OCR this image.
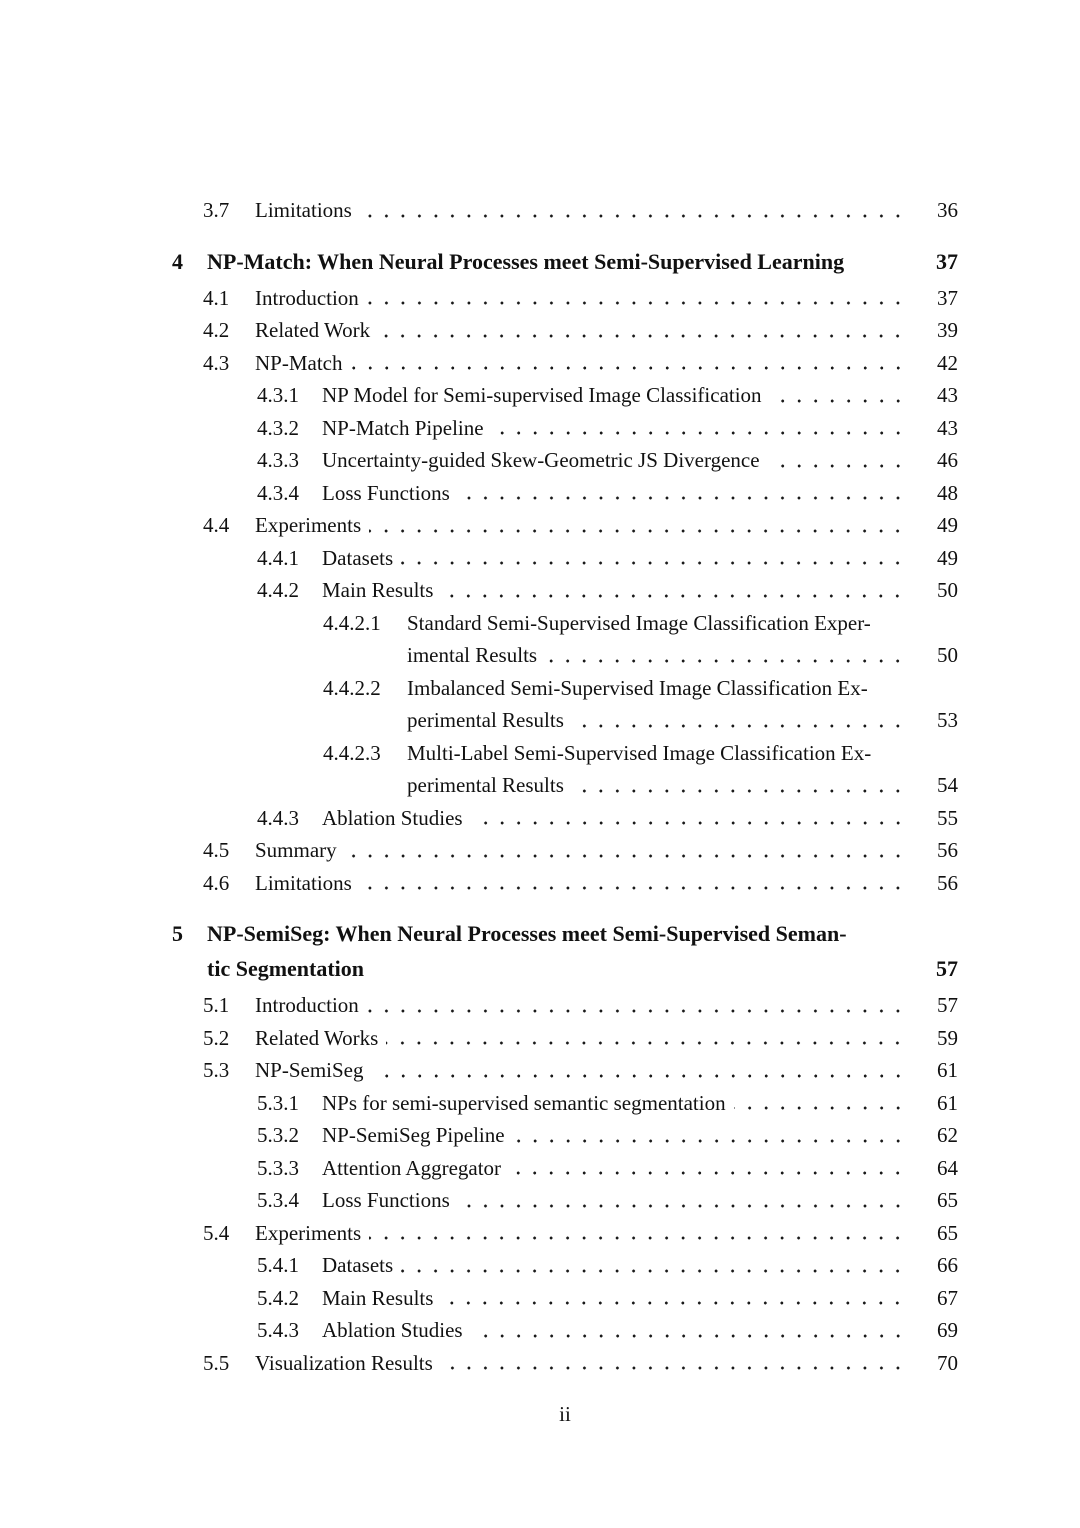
3.7	Limitations	36
4	NP-Match: When Neural Processes meet Semi-Supervised Learning	37
4.1	Introduction	37
4.2	Related Work	39
4.3	NP-Match	42
4.3.1	NP Model for Semi-supervised Image Classification	43
4.3.2	NP-Match Pipeline	43
4.3.3	Uncertainty-guided Skew-Geometric JS Divergence	46
4.3.4	Loss Functions	48
4.4	Experiments	49
4.4.1	Datasets	49
4.4.2	Main Results	50
4.4.2.1	Standard Semi-Supervised Image Classification Exper-
imental Results	50
4.4.2.2	Imbalanced Semi-Supervised Image Classification Ex-
perimental Results	53
4.4.2.3	Multi-Label Semi-Supervised Image Classification Ex-
perimental Results	54
4.4.3	Ablation Studies	55
4.5	Summary	56
4.6	Limitations	56
5	NP-SemiSeg: When Neural Processes meet Semi-Supervised Seman-
tic Segmentation	57
5.1	Introduction	57
5.2	Related Works	59
5.3	NP-SemiSeg	61
5.3.1	NPs for semi-supervised semantic segmentation	61
5.3.2	NP-SemiSeg Pipeline	62
5.3.3	Attention Aggregator	64
5.3.4	Loss Functions	65
5.4	Experiments	65
5.4.1	Datasets	66
5.4.2	Main Results	67
5.4.3	Ablation Studies	69
5.5	Visualization Results	70
ii
